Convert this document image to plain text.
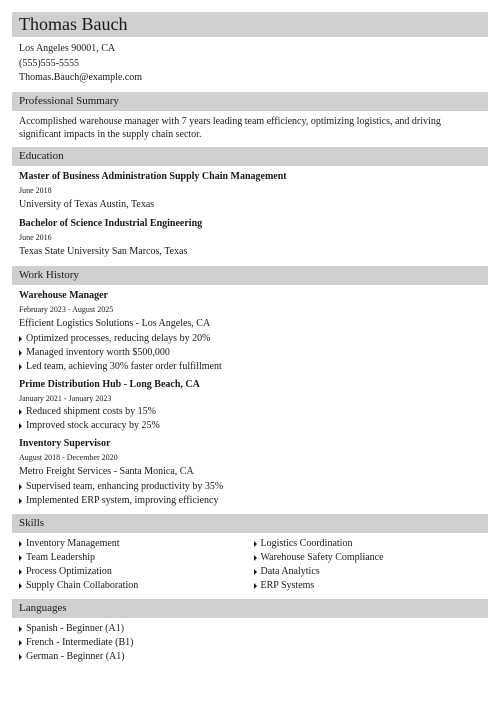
Thomas Bauch
Los Angeles 90001, CA
(555)555-5555
Thomas.Bauch@example.com
Professional Summary
Accomplished warehouse manager with 7 years leading team efficiency, optimizing logistics, and driving significant impacts in the supply chain sector.
Education
Master of Business Administration Supply Chain Management
June 2018
University of Texas Austin, Texas
Bachelor of Science Industrial Engineering
June 2016
Texas State University San Marcos, Texas
Work History
Warehouse Manager
February 2023 - August 2025
Efficient Logistics Solutions - Los Angeles, CA
Optimized processes, reducing delays by 20%
Managed inventory worth $500,000
Led team, achieving 30% faster order fulfillment
Prime Distribution Hub - Long Beach, CA
January 2021 - January 2023
Reduced shipment costs by 15%
Improved stock accuracy by 25%
Inventory Supervisor
August 2018 - December 2020
Metro Freight Services - Santa Monica, CA
Supervised team, enhancing productivity by 35%
Implemented ERP system, improving efficiency
Skills
Inventory Management
Team Leadership
Process Optimization
Supply Chain Collaboration
Logistics Coordination
Warehouse Safety Compliance
Data Analytics
ERP Systems
Languages
Spanish - Beginner (A1)
French - Intermediate (B1)
German - Beginner (A1)
